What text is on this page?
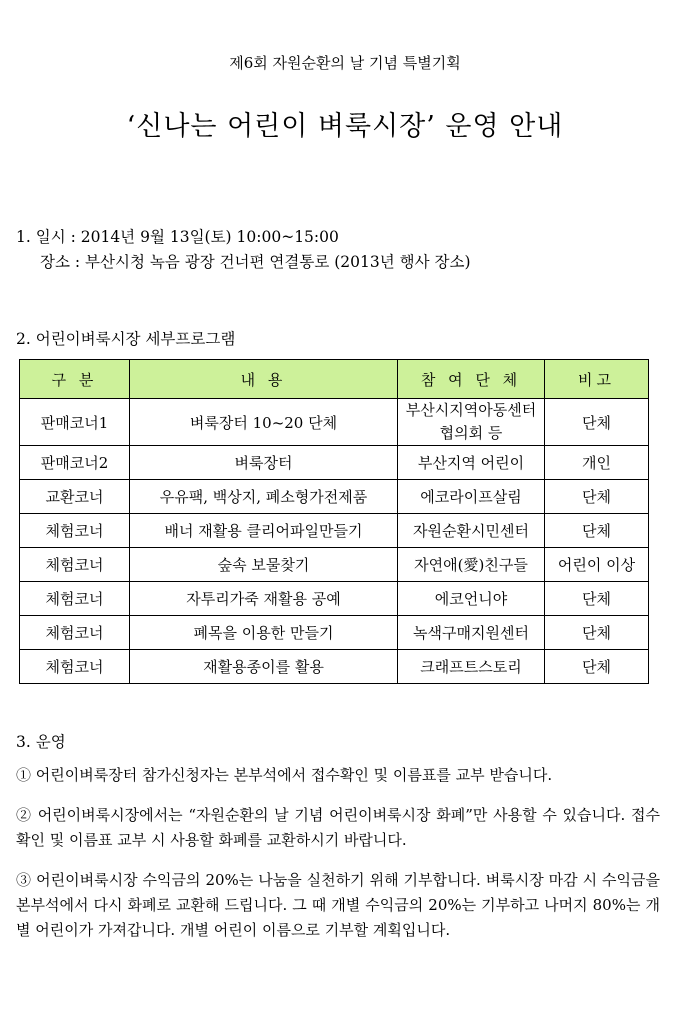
제6회 자원순환의 날 기념 특별기획
‘신나는 어린이 벼룩시장’ 운영 안내
1. 일시 : 2014년 9월 13일(토) 10:00~15:00
장소 : 부산시청 녹음 광장 건너편 연결통로 (2013년 행사 장소)
2. 어린이벼룩시장 세부프로그램
구 분	내 용	참 여 단 체	비고
판매코너1	벼룩장터 10~20 단체	부산시지역아동센터협의회 등	단체
판매코너2	벼룩장터	부산지역 어린이	개인
교환코너	우유팩, 백상지, 폐소형가전제품	에코라이프살림	단체
체험코너	배너 재활용 클리어파일만들기	자원순환시민센터	단체
체험코너	숲속 보물찾기	자연애(愛)친구들	어린이 이상
체험코너	자투리가죽 재활용 공예	에코언니야	단체
체험코너	폐목을 이용한 만들기	녹색구매지원센터	단체
체험코너	재활용종이를 활용	크래프트스토리	단체
3. 운영
① 어린이벼룩장터 참가신청자는 본부석에서 접수확인 및 이름표를 교부 받습니다.
② 어린이벼룩시장에서는 “자원순환의 날 기념 어린이벼룩시장 화폐”만 사용할 수 있습니다. 접수확인 및 이름표 교부 시 사용할 화폐를 교환하시기 바랍니다.
③ 어린이벼룩시장 수익금의 20%는 나눔을 실천하기 위해 기부합니다. 벼룩시장 마감 시 수익금을 본부석에서 다시 화폐로 교환해 드립니다. 그 때 개별 수익금의 20%는 기부하고 나머지 80%는 개별 어린이가 가져갑니다. 개별 어린이 이름으로 기부할 계획입니다.
